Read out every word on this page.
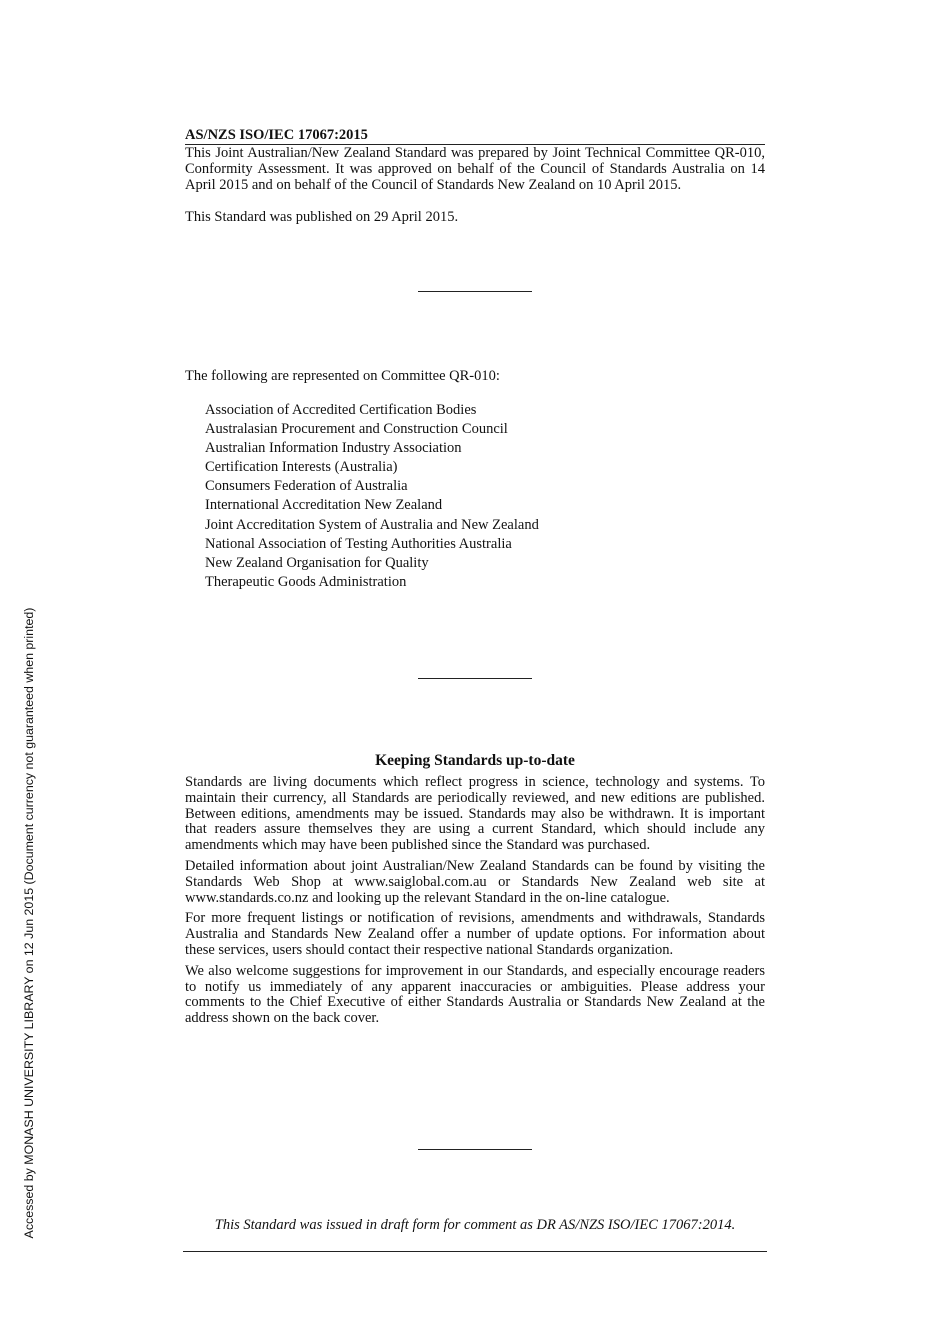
Accessed by MONASH UNIVERSITY LIBRARY on 12 Jun 2015 (Document currency not guaranteed when printed)
AS/NZS ISO/IEC 17067:2015

This Joint Australian/New Zealand Standard was prepared by Joint Technical Committee QR-010, Conformity Assessment. It was approved on behalf of the Council of Standards Australia on 14 April 2015 and on behalf of the Council of Standards New Zealand on 10 April 2015.

This Standard was published on 29 April 2015.

The following are represented on Committee QR-010:

Association of Accredited Certification Bodies
Australasian Procurement and Construction Council
Australian Information Industry Association
Certification Interests (Australia)
Consumers Federation of Australia
International Accreditation New Zealand
Joint Accreditation System of Australia and New Zealand
National Association of Testing Authorities Australia
New Zealand Organisation for Quality
Therapeutic Goods Administration
Keeping Standards up-to-date

Standards are living documents which reflect progress in science, technology and systems. To maintain their currency, all Standards are periodically reviewed, and new editions are published. Between editions, amendments may be issued. Standards may also be withdrawn. It is important that readers assure themselves they are using a current Standard, which should include any amendments which may have been published since the Standard was purchased.

Detailed information about joint Australian/New Zealand Standards can be found by visiting the Standards Web Shop at www.saiglobal.com.au or Standards New Zealand web site at www.standards.co.nz and looking up the relevant Standard in the on-line catalogue.

For more frequent listings or notification of revisions, amendments and withdrawals, Standards Australia and Standards New Zealand offer a number of update options. For information about these services, users should contact their respective national Standards organization.

We also welcome suggestions for improvement in our Standards, and especially encourage readers to notify us immediately of any apparent inaccuracies or ambiguities. Please address your comments to the Chief Executive of either Standards Australia or Standards New Zealand at the address shown on the back cover.

This Standard was issued in draft form for comment as DR AS/NZS ISO/IEC 17067:2014.
